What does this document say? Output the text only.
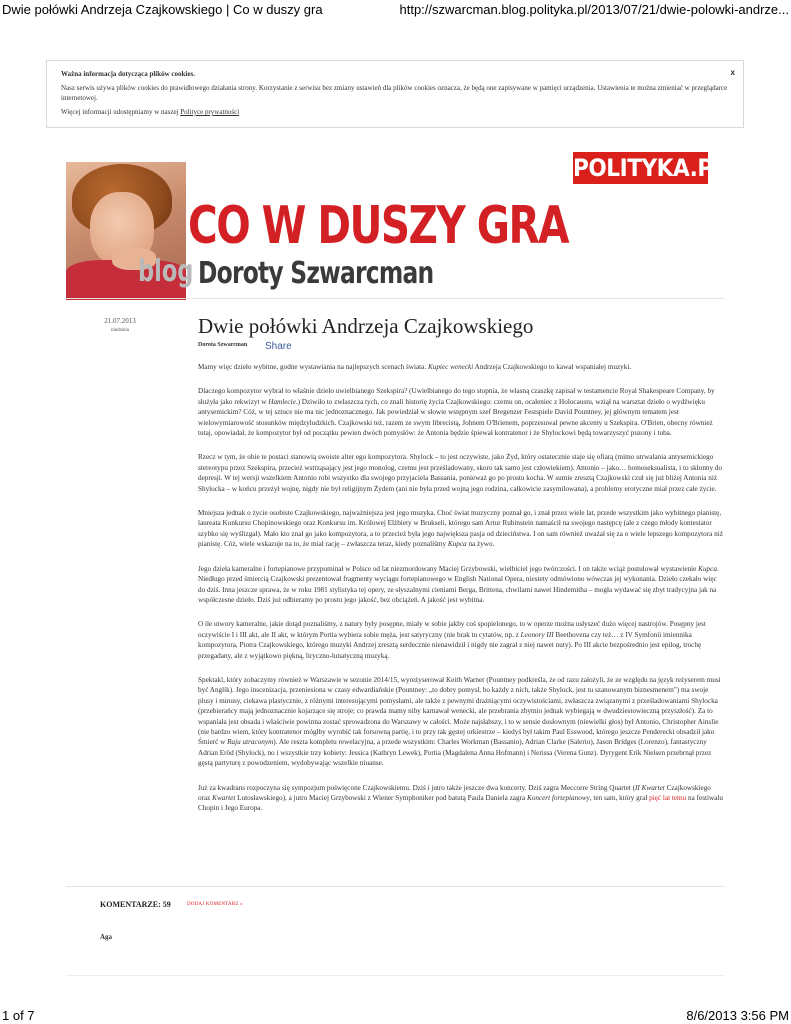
Dwie połówki Andrzeja Czajkowskiego | Co w duszy gra	http://szwarcman.blog.polityka.pl/2013/07/21/dwie-polowki-andrze...
Ważna informacja dotycząca plików cookies.
Nasz serwis używa plików cookies do prawidłowego działania strony. Korzystanie z serwisu bez zmiany ustawień dla plików cookies oznacza, że będą one zapisywane w pamięci urządzenia. Ustawienia te można zmieniać w przeglądarce internetowej.
Więcej informacji udostępniamy w naszej Polityce prywatności
x
POLITYKA.PL
CO W DUSZY GRA
blog Doroty Szwarcman
21.07.2013
niedziela	Dwie połówki Andrzeja Czajkowskiego
Dorota Szwarcman Share

Mamy więc dzieło wybitne, godne wystawiania na najlepszych scenach świata. Kupiec wenecki Andrzeja Czajkowskiego to kawał wspaniałej muzyki.

Dlaczego kompozytor wybrał to właśnie dzieło uwielbianego Szekspira? (Uwielbianego do tego stopnia, że własną czaszkę zapisał w testamencie Royal Shakespeare Company, by służyła jako rekwizyt w Hamlecie.) Dziwiło to zwłaszcza tych, co znali historię życia Czajkowskiego: czemu on, ocaleniec z Holocaustu, wziął na warsztat dzieło o wydźwięku antysemickim? Cóż, w tej sztuce nie ma nic jednoznacznego. Jak powiedział w słowie wstępnym szef Bregenzer Festspiele David Pountney, jej głównym tematem jest wielowymiarowość stosunków międzyludzkich. Czajkowski też, razem ze swym librecistą, Johnem O'Brienem, poprzesuwał pewne akcenty u Szekspira. O'Brien, obecny również tutaj, opowiadał, że kompozytor był od początku pewien dwóch pomysłów: że Antonia będzie śpiewał kontratenor i że Shylockowi będą towarzyszyć puzony i tuba.

Rzecz w tym, że obie te postaci stanowią swoiste alter ego kompozytora. Shylock – to jest oczywiste, jako Żyd, który ostatecznie staje się ofiarą (mimo utrwalania antysemickiego stereotypu przez Szekspira, przecież wstrząsający jest jego monolog, czemu jest prześladowany, skoro tak samo jest człowiekiem). Antonio – jako… homoseksualista, i to skłonny do depresji. W tej wersji wszelkiem Antonio robi wszystko dla swojego przyjaciela Bassania, ponieważ go po prostu kocha. W sumie zresztą Czajkowski czuł się już bliżej Antonia niż Shylocka – w końcu przeżył wojnę, nigdy nie był religijnym Żydem (ani nie była przed wojną jego rodzina, całkowicie zasymilowana), a problemy erotyczne miał przez całe życie.

Mniejsza jednak o życie osobiste Czajkowskiego, najważniejsza jest jego muzyka. Choć świat muzyczny poznał go, i znał przez wiele lat, przede wszystkim jako wybitnego pianistę, laureata Konkursu Chopinowskiego oraz Konkursu im. Królowej Elżbiety w Brukseli, którego sam Artur Rubinstein namaścił na swojego następcę (ale z czego młody kontestator szybko się wyślizgał). Mało kto znał go jako kompozytora, a to przecież była jego największa pasja od dzieciństwa. I on sam również uważał się za o wiele lepszego kompozytora niż pianistę. Cóż, wiele wskazuje na to, że miał rację – zwłaszcza teraz, kiedy poznaliśmy Kupca na żywo.

Jego dzieła kameralne i fortepianowe przypominał w Polsce od lat niezmordowany Maciej Grzybowski, wielbiciel jego twórczości. I on także wciąż postulował wystawienie Kupca. Niedługo przed śmiercią Czajkowski prezentował fragmenty wyciągu fortepianowego w English National Opera, niestety odmówiono wówczas jej wykonania. Dzieło czekało więc do dziś. Inna jeszcze sprawa, że w roku 1981 stylistyka tej opery, ze słyszalnymi cieniami Berga, Brittena, chwilami nawet Hindemitha – mogła wydawać się zbyt tradycyjna jak na współczesne dzieło. Dziś już odbieramy po prostu jego jakość, bez obciążeń. A jakość jest wybitna.

O ile utwory kameralne, jakie dotąd poznaliśmy, z natury były posępne, miały w sobie jakby coś spopielonego, to w operze można usłyszeć dużo więcej nastrojów. Posępny jest oczywiście I i III akt, ale II akt, w którym Portia wybiera sobie męża, jest satyryczny (nie brak tu cytatów, np. z Leonory III Beethovena czy też… z IV Symfonii imiennika kompozytora, Piotra Czajkowskiego, którego muzyki Andrzej zresztą serdecznie nienawidził i nigdy nie zagrał z niej nawet nuty). Po III akcie bezpośrednio jest epilog, trochę przegadany, ale z wyjątkowo piękną, liryczno-lunatyczną muzyką.

Spektakl, który zobaczymy również w Warszawie w sezonie 2014/15, wyreżyserował Keith Warner (Pountney podkreśla, że od razu założyli, że ze względu na język reżyserem musi być Anglik). Jego inscenizacja, przeniesiona w czasy edwardiańskie (Pountney: „to dobry pomysł, bo każdy z nich, także Shylock, jest tu szanowanym biznesmenem") ma swoje plusy i minusy, ciekawa plastycznie, z różnymi interesującymi pomysłami, ale także z pewnymi drażniącymi oczywistościami, zwłaszcza związanymi z prześladowaniami Shylocka (przebierańcy mają jednoznacznie kojarzące się stroje; co prawda mamy niby karnawał wenecki, ale przebrania zbytnio jednak wybiegają w dwudziestowieczną przyszłość). Za to wspaniała jest obsada i właściwie powinna zostać sprowadzona do Warszawy w całości. Może najsłabszy, i to w sensie dosłownym (niewielki głos) był Antonio, Christopher Ainslie (nie bardzo wiem, który kontratenor mógłby wyrobić tak forsowną partię, i to przy tak gęstej orkiestrze – kiedyś był takim Paul Esswood, którego jeszcze Penderecki obsadził jako Śmierć w Raju utraconym). Ale reszta kompletu rewelacyjna, a przede wszystkim: Charles Workman (Bassanio), Adrian Clarke (Salerio), Jason Bridges (Lorenzo), fantastyczny Adrian Eröd (Shylock), no i wszystkie trzy kobiety: Jessica (Kathryn Lewek), Portia (Magdalena Anna Hofmann) i Nerissa (Verena Gunz). Dyrygent Erik Nielsen przebrnął przez gęstą partyturę z powodzeniem, wydobywając wszelkie niuanse.

Już za kwadrans rozpoczyna się sympozjum poświęcone Czajkowskiemu. Dziś i jutro także jeszcze dwa koncerty. Dziś zagra Meccorre String Quartet (II Kwartet Czajkowskiego oraz Kwartet Lutosławskiego), a jutro Maciej Grzybowski z Wiener Symphoniker pod batutą Paula Daniela zagra Koncert fortepianowy, ten sam, który grał pięć lat temu na festiwalu Chopin i Jego Europa.

KOMENTARZE: 59	DODAJ KOMENTARZ »
Aga
1 of 7	8/6/2013 3:56 PM
